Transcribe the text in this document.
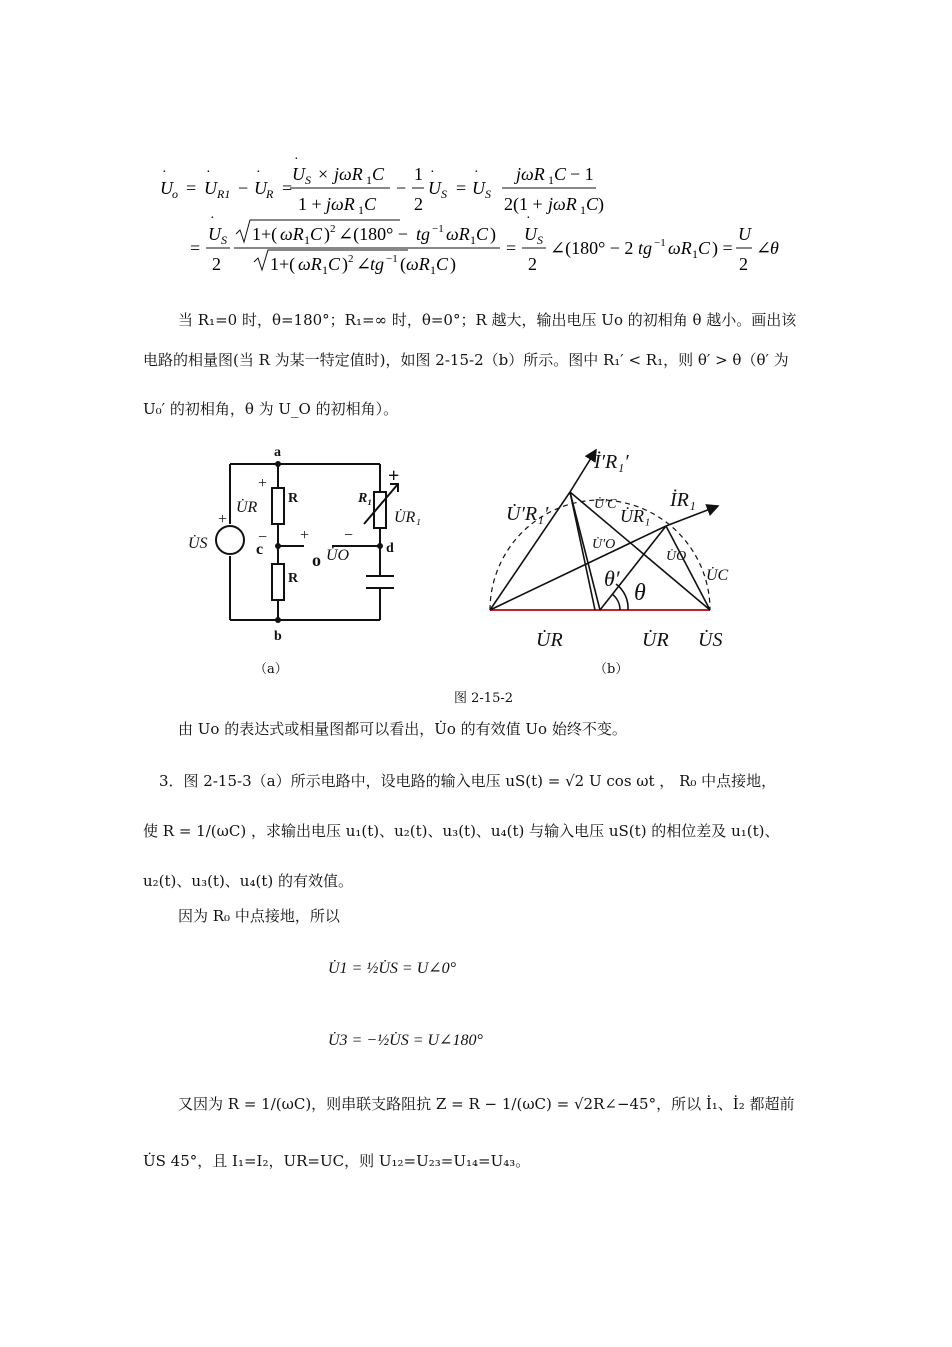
U
·
o = U
·
R1 − U
·
R =
U
·
S × jωR 1 C
1 + jωR 1 C
−
1
2
U
·
S = U
·
S
jωR 1 C − 1
2(1 + jωR 1 C )
=
U
·
S
2
1+( ωR 1 C ) 2 ∠(180° − tg −1 ωR 1 C )
1+( ωR 1 C ) 2 ∠
tg −1 ( ωR 1 C )
=
U
·
S
2
∠(180° − 2 tg −1 ωR 1 C ) =
U
2
∠
θ
当 R₁=0 时，θ=180°；R₁=∞ 时，θ=0°；R 越大，输出电压 Uo 的初相角 θ 越小。画出该
电路的相量图(当 R 为某一特定值时)，如图 2-15-2（b）所示。图中 R₁′ < R₁，则 θ′ > θ（θ′ 为
U₀′ 的初相角，θ 为 U_O 的初相角）。
a
b
c	d
o
R
R
R₁
U̇S
U̇R
U̇R₁
U̇O
+
−
+
+ −
+
İ′R₁′
İR₁
U̇′R₁′	U̇′C
U̇R₁
U̇′O
U̇O
U̇C
θ′
θ
U̇R	U̇R U̇S
（a）	（b）
图 2-15-2
由 Uo 的表达式或相量图都可以看出，U̇o 的有效值 Uo 始终不变。
3．图 2-15-3（a）所示电路中，设电路的输入电压 uS(t) = √2 U cos ωt ， R₀ 中点接地，
使 R = 1/(ωC) ，求输出电压 u₁(t)、u₂(t)、u₃(t)、u₄(t) 与输入电压 uS(t) 的相位差及 u₁(t)、
u₂(t)、u₃(t)、u₄(t) 的有效值。
因为 R₀ 中点接地，所以
U̇1 = ½U̇S = U∠0°
U̇3 = −½U̇S = U∠180°
又因为 R = 1/(ωC)，则串联支路阻抗 Z = R − 1/(ωC) = √2R∠−45°，所以 İ₁、İ₂ 都超前
U̇S 45°，且 I₁=I₂，UR=UC，则 U₁₂=U₂₃=U₁₄=U₄₃。
